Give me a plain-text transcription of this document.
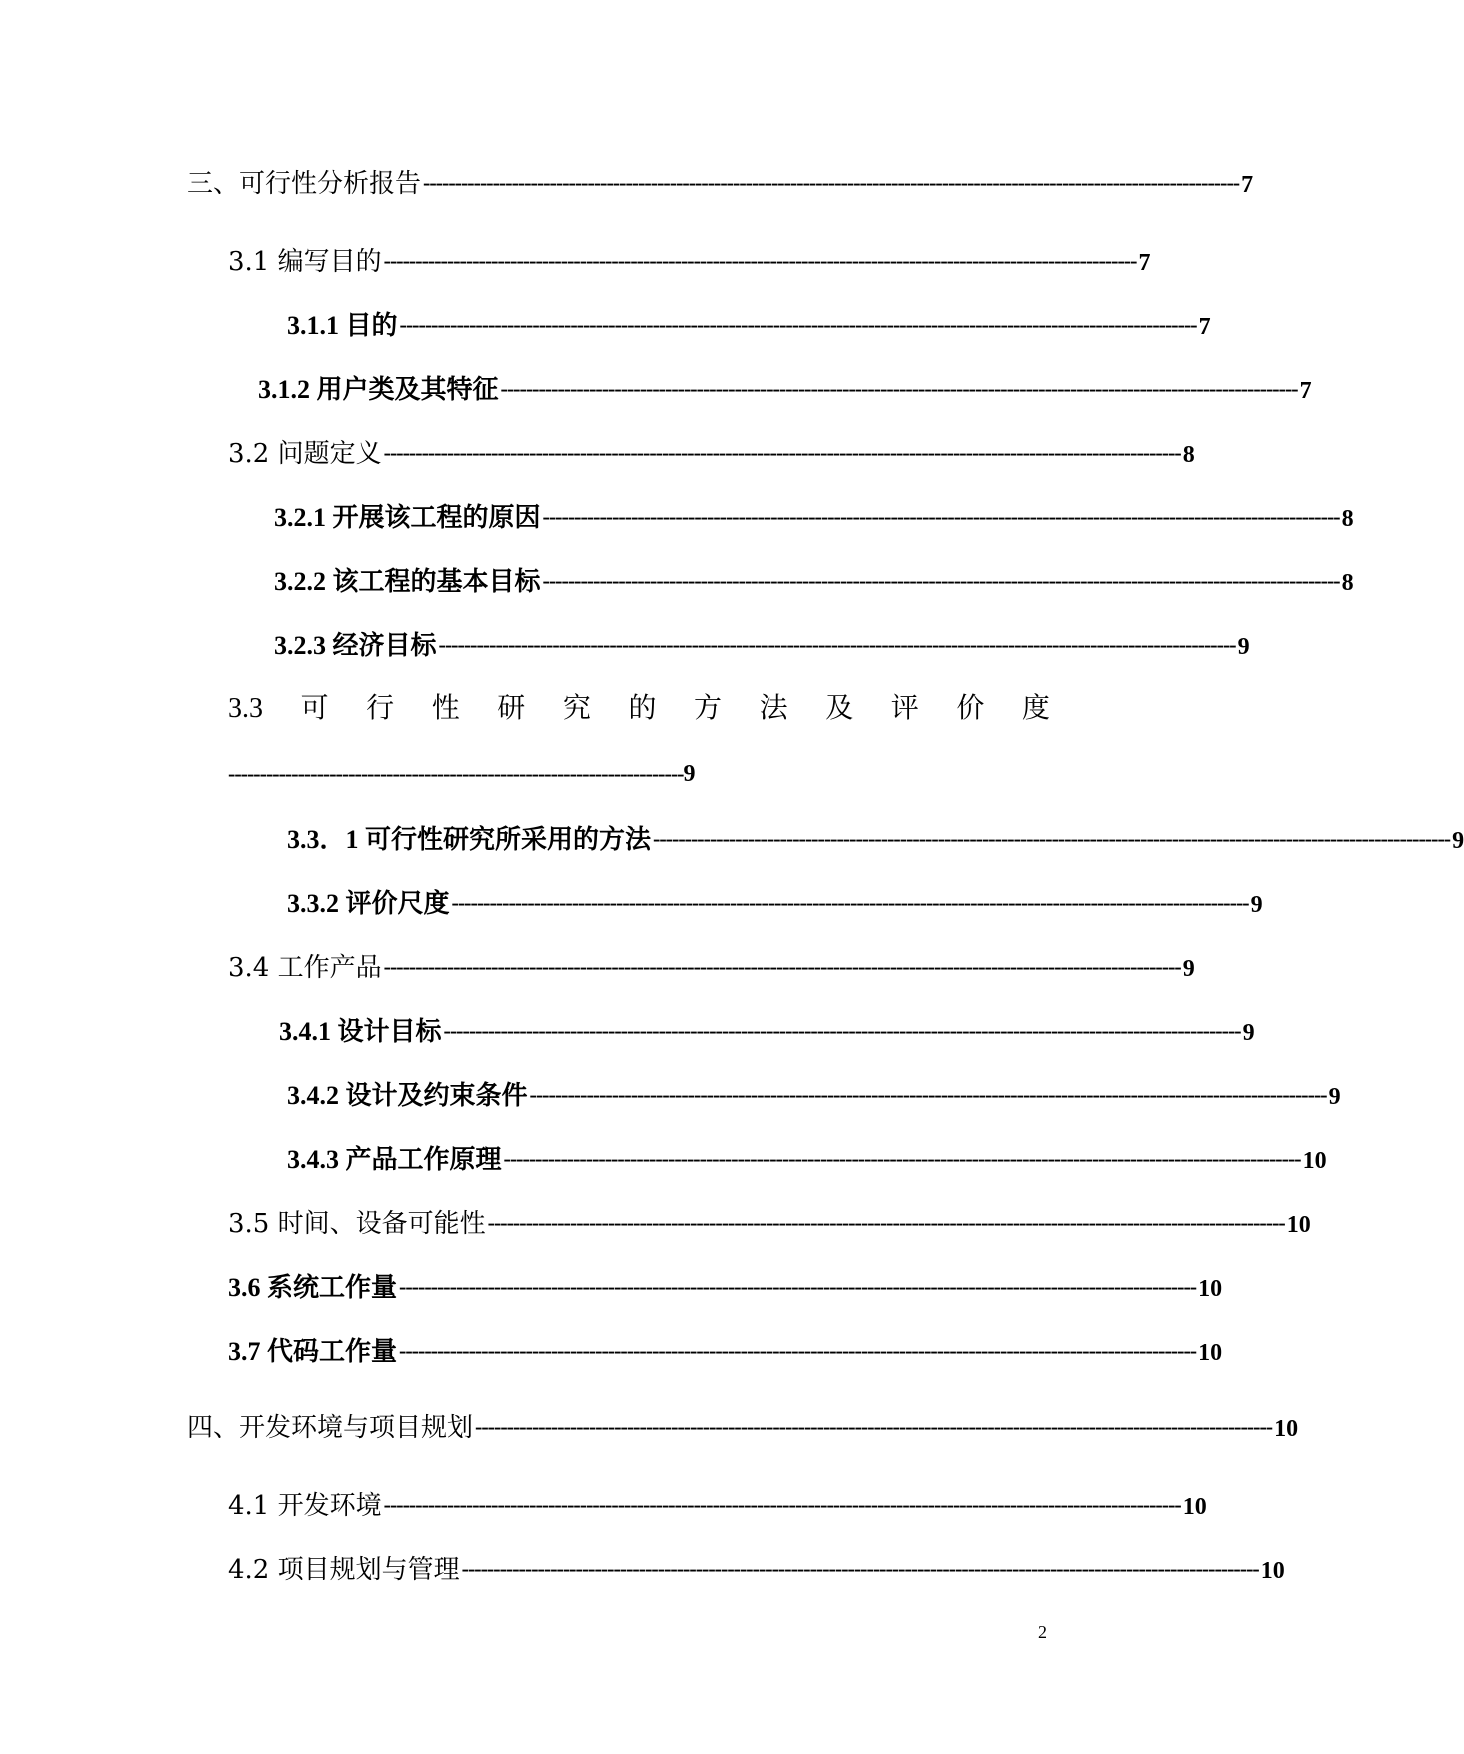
三、可行性分析报告 --------------------------------------------------------------------------------------------------------------------------------- 7
3.1 编写目的 ----------------------------------------------------------------------------------------------------------------------- 7
3.1.1 目的 ------------------------------------------------------------------------------------------------------------------------------ 7
3.1.2 用户类及其特征 ------------------------------------------------------------------------------------------------------------------------------ 7
3.2 问题定义 ------------------------------------------------------------------------------------------------------------------------------ 8
3.2.1 开展该工程的原因 ------------------------------------------------------------------------------------------------------------------------------ 8
3.2.2 该工程的基本目标 ------------------------------------------------------------------------------------------------------------------------------ 8
3.2.3 经济目标 ------------------------------------------------------------------------------------------------------------------------------ 9
3.3 可 行 性 研 究 的 方 法 及 评 价 度
------------------------------------------------------------------------ 9
3.3．1 可行性研究所采用的方法 ------------------------------------------------------------------------------------------------------------------------------ 9
3.3.2 评价尺度 ------------------------------------------------------------------------------------------------------------------------------ 9
3.4 工作产品 ------------------------------------------------------------------------------------------------------------------------------ 9
3.4.1 设计目标 ------------------------------------------------------------------------------------------------------------------------------ 9
3.4.2 设计及约束条件 ------------------------------------------------------------------------------------------------------------------------------ 9
3.4.3 产品工作原理 ------------------------------------------------------------------------------------------------------------------------------ 10
3.5 时间、设备可能性 ------------------------------------------------------------------------------------------------------------------------------ 10
3.6 系统工作量 ------------------------------------------------------------------------------------------------------------------------------ 10
3.7 代码工作量 ------------------------------------------------------------------------------------------------------------------------------ 10
四、开发环境与项目规划 ------------------------------------------------------------------------------------------------------------------------------ 10
4.1 开发环境 ------------------------------------------------------------------------------------------------------------------------------ 10
4.2 项目规划与管理 ------------------------------------------------------------------------------------------------------------------------------ 10
2
